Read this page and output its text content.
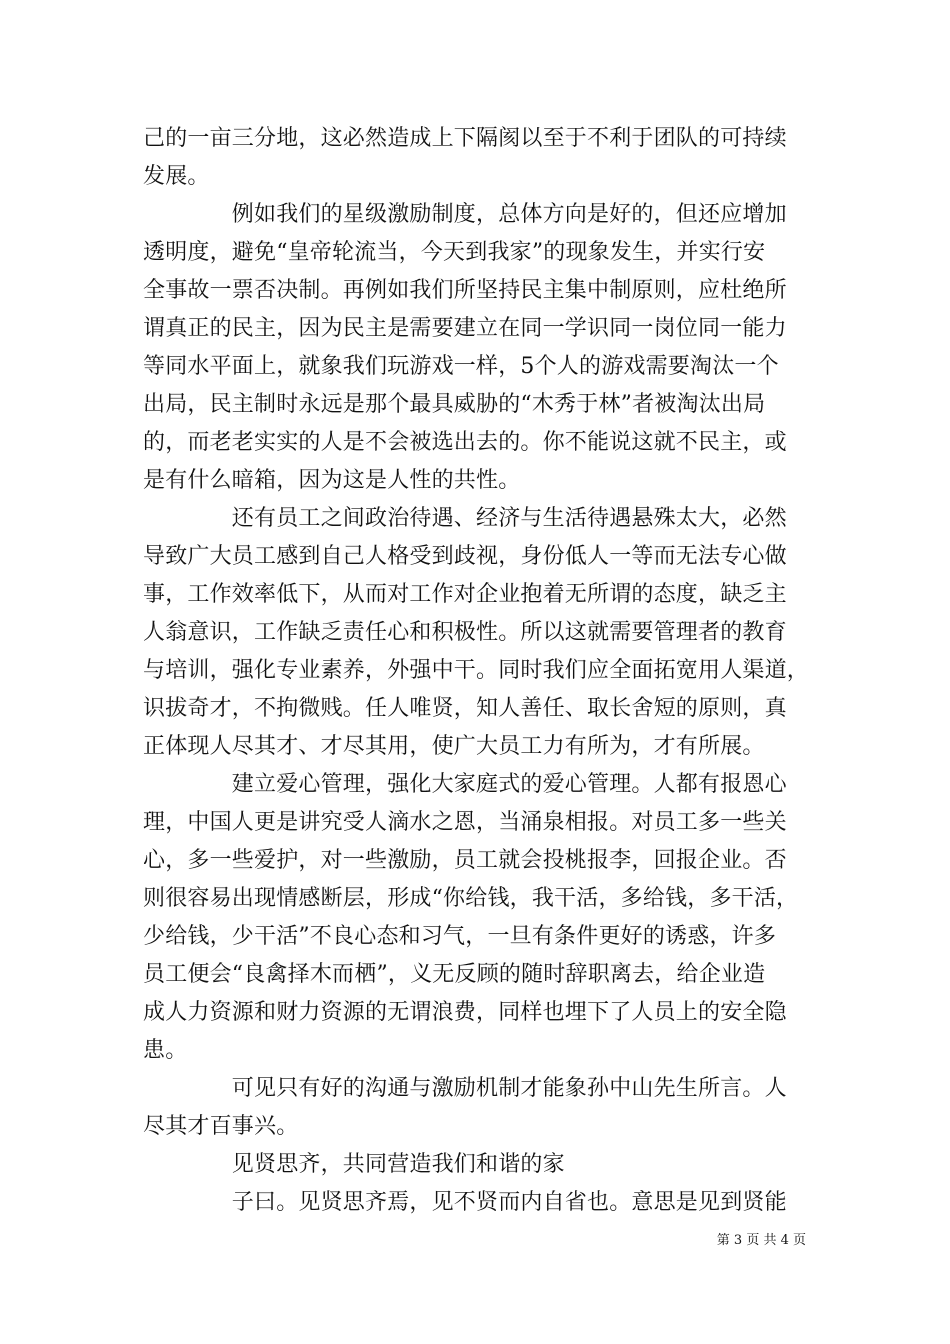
己的一亩三分地，这必然造成上下隔阂以至于不利于团队的可持续
发展。
　　　　例如我们的星级激励制度，总体方向是好的，但还应增加
透明度，避免“皇帝轮流当，今天到我家”的现象发生，并实行安
全事故一票否决制。再例如我们所坚持民主集中制原则，应杜绝所
谓真正的民主，因为民主是需要建立在同一学识同一岗位同一能力
等同水平面上，就象我们玩游戏一样，5个人的游戏需要淘汰一个
出局，民主制时永远是那个最具威胁的“木秀于林”者被淘汰出局
的，而老老实实的人是不会被选出去的。你不能说这就不民主，或
是有什么暗箱，因为这是人性的共性。
　　　　还有员工之间政治待遇、经济与生活待遇悬殊太大，必然
导致广大员工感到自己人格受到歧视，身份低人一等而无法专心做
事，工作效率低下，从而对工作对企业抱着无所谓的态度，缺乏主
人翁意识，工作缺乏责任心和积极性。所以这就需要管理者的教育
与培训，强化专业素养，外强中干。同时我们应全面拓宽用人渠道，
识拔奇才，不拘微贱。任人唯贤，知人善任、取长舍短的原则，真
正体现人尽其才、才尽其用，使广大员工力有所为，才有所展。
　　　　建立爱心管理，强化大家庭式的爱心管理。人都有报恩心
理，中国人更是讲究受人滴水之恩，当涌泉相报。对员工多一些关
心，多一些爱护，对一些激励，员工就会投桃报李，回报企业。否
则很容易出现情感断层，形成“你给钱，我干活，多给钱，多干活，
少给钱，少干活”不良心态和习气，一旦有条件更好的诱惑，许多
员工便会“良禽择木而栖”，义无反顾的随时辞职离去，给企业造
成人力资源和财力资源的无谓浪费，同样也埋下了人员上的安全隐
患。
　　　　可见只有好的沟通与激励机制才能象孙中山先生所言。人
尽其才百事兴。
　　　　见贤思齐，共同营造我们和谐的家
　　　　子曰。见贤思齐焉，见不贤而内自省也。意思是见到贤能
第 3 页 共 4 页
